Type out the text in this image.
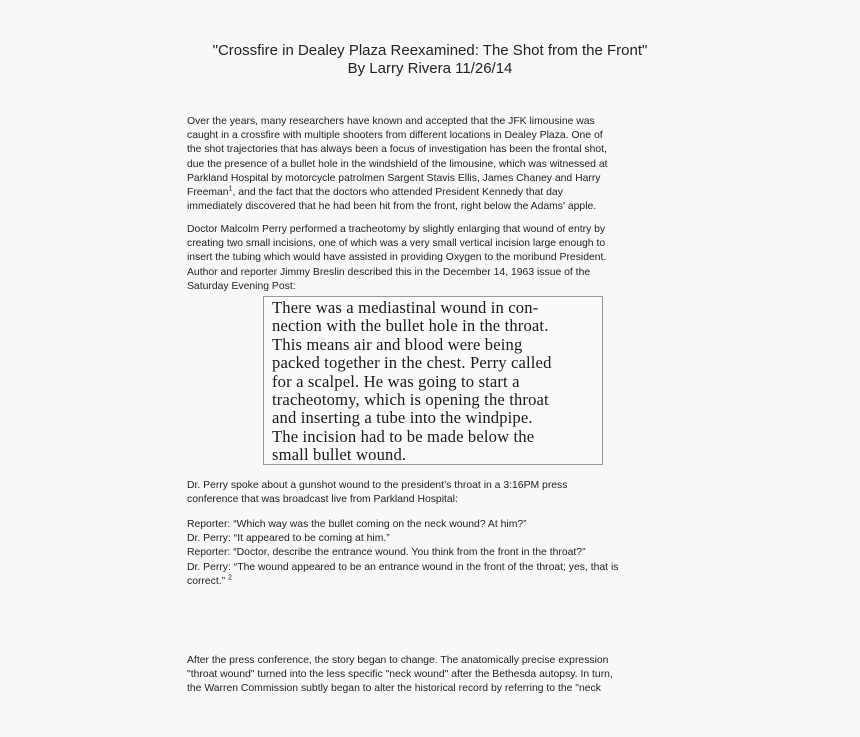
"Crossfire in Dealey Plaza Reexamined: The Shot from the Front"
By Larry Rivera 11/26/14
Over the years, many researchers have known and accepted that the JFK limousine was
caught in a crossfire with multiple shooters from different locations in Dealey Plaza. One of
the shot trajectories that has always been a focus of investigation has been the frontal shot,
due the presence of a bullet hole in the windshield of the limousine, which was witnessed at
Parkland Hospital by motorcycle patrolmen Sargent Stavis Ellis, James Chaney and Harry
Freeman$^1$, and the fact that the doctors who attended President Kennedy that day
immediately discovered that he had been hit from the front, right below the Adams' apple.
Doctor Malcolm Perry performed a tracheotomy by slightly enlarging that wound of entry by
creating two small incisions, one of which was a very small vertical incision large enough to
insert the tubing which would have assisted in providing Oxygen to the moribund President.
Author and reporter Jimmy Breslin described this in the December 14, 1963 issue of the
Saturday Evening Post:
There was a mediastinal wound in con-
nection with the bullet hole in the throat.
This means air and blood were being
packed together in the chest. Perry called
for a scalpel. He was going to start a
tracheotomy, which is opening the throat
and inserting a tube into the windpipe.
The incision had to be made below the
small bullet wound.
Dr. Perry spoke about a gunshot wound to the president’s throat in a 3:16PM press
conference that was broadcast live from Parkland Hospital:
Reporter: “Which way was the bullet coming on the neck wound? At him?”
Dr. Perry: “It appeared to be coming at him.”
Reporter: “Doctor, describe the entrance wound. You think from the front in the throat?”
Dr. Perry: “The wound appeared to be an entrance wound in the front of the throat; yes, that is
correct.” $^2$
After the press conference, the story began to change. The anatomically precise expression
"throat wound" turned into the less specific "neck wound" after the Bethesda autopsy. In turn,
the Warren Commission subtly began to alter the historical record by referring to the "neck
